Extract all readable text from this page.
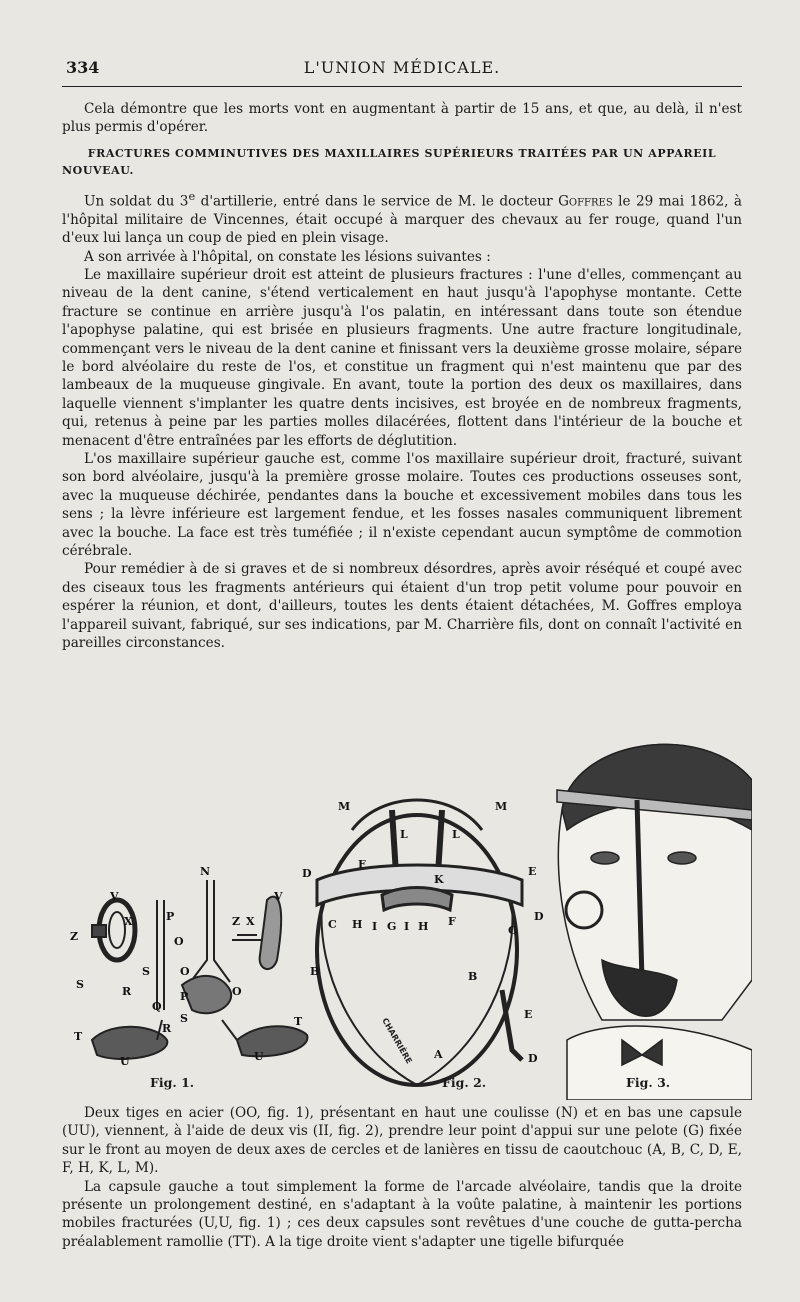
334	L'UNION MÉDICALE.

Cela démontre que les morts vont en augmentant à partir de 15 ans, et que, au delà, il n'est plus permis d'opérer.

FRACTURES COMMINUTIVES DES MAXILLAIRES SUPÉRIEURS TRAITÉES PAR UN APPAREIL NOUVEAU.

Un soldat du 3e d'artillerie, entré dans le service de M. le docteur Goffres le 29 mai 1862, à l'hôpital militaire de Vincennes, était occupé à marquer des chevaux au fer rouge, quand l'un d'eux lui lança un coup de pied en plein visage.

A son arrivée à l'hôpital, on constate les lésions suivantes :

Le maxillaire supérieur droit est atteint de plusieurs fractures : l'une d'elles, commençant au niveau de la dent canine, s'étend verticalement en haut jusqu'à l'apophyse montante. Cette fracture se continue en arrière jusqu'à l'os palatin, en intéressant dans toute son étendue l'apophyse palatine, qui est brisée en plusieurs fragments. Une autre fracture longitudinale, commençant vers le niveau de la dent canine et finissant vers la deuxième grosse molaire, sépare le bord alvéolaire du reste de l'os, et constitue un fragment qui n'est maintenu que par des lambeaux de la muqueuse gingivale. En avant, toute la portion des deux os maxillaires, dans laquelle viennent s'implanter les quatre dents incisives, est broyée en de nombreux fragments, qui, retenus à peine par les parties molles dilacérées, flottent dans l'intérieur de la bouche et menacent d'être entraînées par les efforts de déglutition.

L'os maxillaire supérieur gauche est, comme l'os maxillaire supérieur droit, fracturé, suivant son bord alvéolaire, jusqu'à la première grosse molaire. Toutes ces productions osseuses sont, avec la muqueuse déchirée, pendantes dans la bouche et excessivement mobiles dans tous les sens ; la lèvre inférieure est largement fendue, et les fosses nasales communiquent librement avec la bouche. La face est très tuméfiée ; il n'existe cependant aucun symptôme de commotion cérébrale.

Pour remédier à de si graves et de si nombreux désordres, après avoir réséqué et coupé avec des ciseaux tous les fragments antérieurs qui étaient d'un trop petit volume pour pouvoir en espérer la réunion, et dont, d'ailleurs, toutes les dents étaient détachées, M. Goffres employa l'appareil suivant, fabriqué, sur ses indications, par M. Charrière fils, dont on connaît l'activité en pareilles circonstances.

V
X
Z
S
R
Q
P
N
O
T
U
P
V
Z X
O
S
R
S	T
U
O
CHARRIÈRE
M	M
L	L
D
F
E
K
C H I G I H F
C
D
B	B
A
E
D
Fig. 1.	Fig. 2.	Fig. 3.

Deux tiges en acier (OO, fig. 1), présentant en haut une coulisse (N) et en bas une capsule (UU), viennent, à l'aide de deux vis (II, fig. 2), prendre leur point d'appui sur une pelote (G) fixée sur le front au moyen de deux axes de cercles et de lanières en tissu de caoutchouc (A, B, C, D, E, F, H, K, L, M).

La capsule gauche a tout simplement la forme de l'arcade alvéolaire, tandis que la droite présente un prolongement destiné, en s'adaptant à la voûte palatine, à maintenir les portions mobiles fracturées (U,U, fig. 1) ; ces deux capsules sont revêtues d'une couche de gutta-percha préalablement ramollie (TT). A la tige droite vient s'adapter une tigelle bifurquée
